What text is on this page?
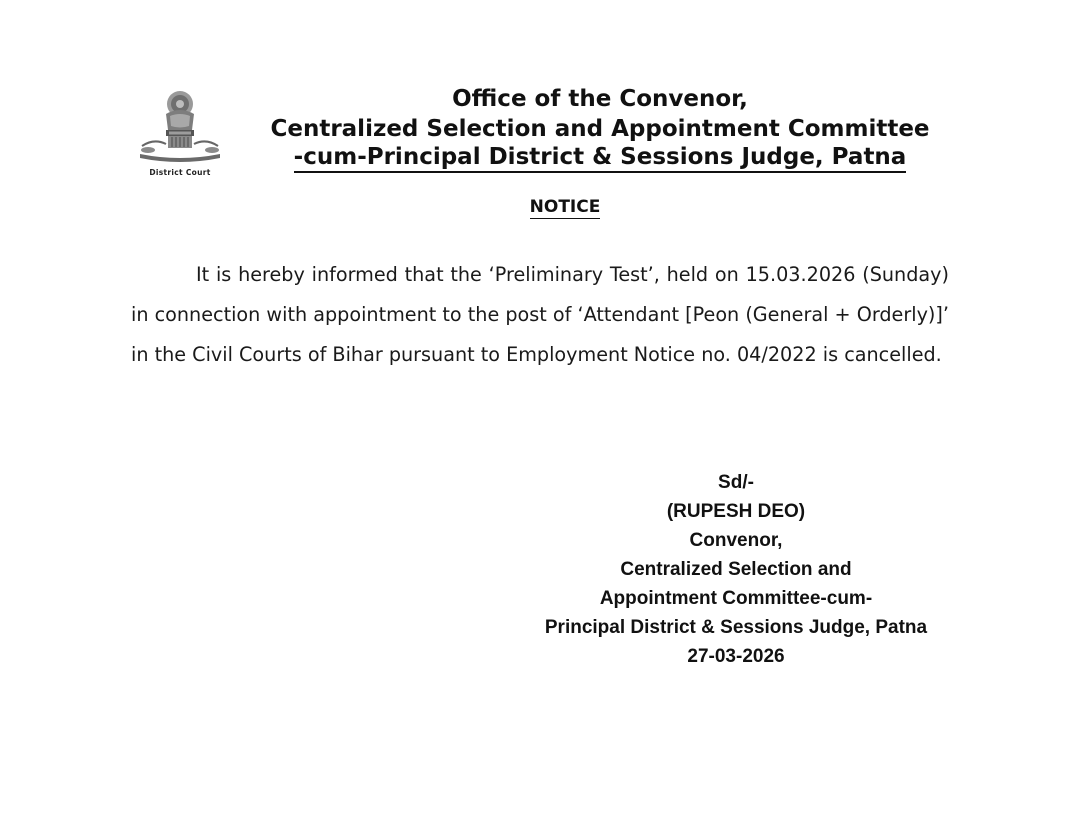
District Court
Office of the Convenor,
Centralized Selection and Appointment Committee
-cum-Principal District & Sessions Judge, Patna
NOTICE
It is hereby informed that the ‘Preliminary Test’, held on 15.03.2026 (Sunday) in connection with appointment to the post of ‘Attendant [Peon (General + Orderly)]’ in the Civil Courts of Bihar pursuant to Employment Notice no. 04/2022 is cancelled.
Sd/-
(RUPESH DEO)
Convenor,
Centralized Selection and
Appointment Committee-cum-
Principal District & Sessions Judge, Patna
27-03-2026
